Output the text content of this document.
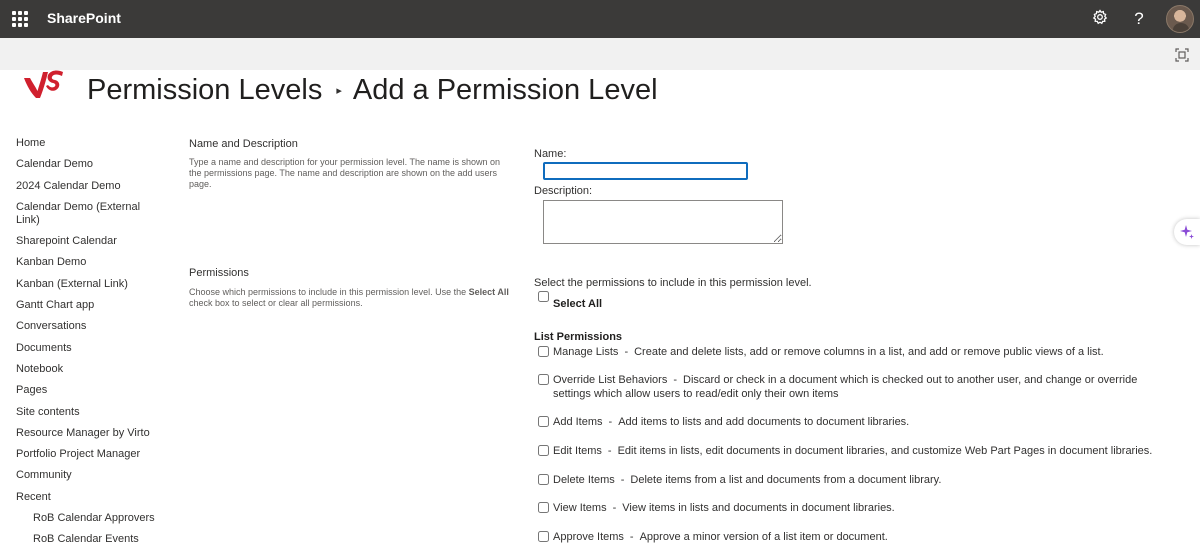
SharePoint	?
Permission Levels ▸ Add a Permission Level
Home
Calendar Demo
2024 Calendar Demo
Calendar Demo (External Link)
Sharepoint Calendar
Kanban Demo
Kanban (External Link)
Gantt Chart app
Conversations
Documents
Notebook
Pages
Site contents
Resource Manager by Virto
Portfolio Project Manager
Community
Recent
RoB Calendar Approvers
RoB Calendar Events
Name and Description
Type a name and description for your permission level. The name is shown on the permissions page. The name and description are shown on the add users page.
Name:
Description:
Permissions
Choose which permissions to include in this permission level. Use the Select All check box to select or clear all permissions.
Select the permissions to include in this permission level.
Select All
List Permissions
Manage Lists - Create and delete lists, add or remove columns in a list, and add or remove public views of a list.
Override List Behaviors - Discard or check in a document which is checked out to another user, and change or override settings which allow users to read/edit only their own items
Add Items - Add items to lists and add documents to document libraries.
Edit Items - Edit items in lists, edit documents in document libraries, and customize Web Part Pages in document libraries.
Delete Items - Delete items from a list and documents from a document library.
View Items - View items in lists and documents in document libraries.
Approve Items - Approve a minor version of a list item or document.
